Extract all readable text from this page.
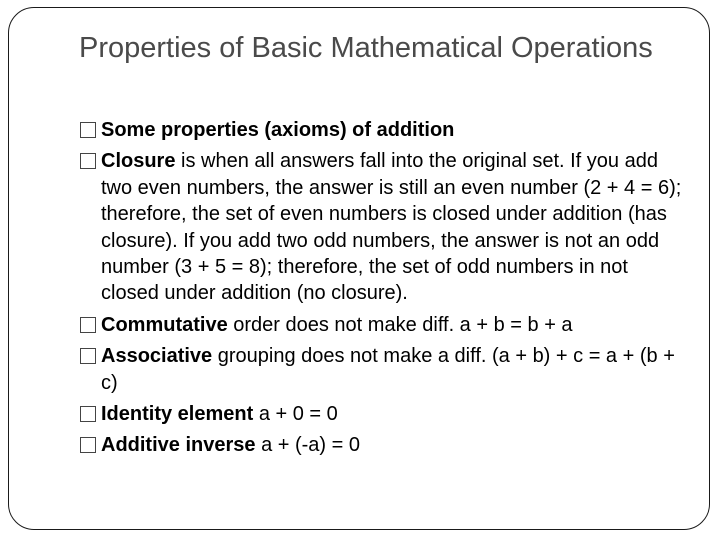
Properties of Basic Mathematical Operations
Some properties (axioms) of addition
Closure is when all answers fall into the original set. If you add two even numbers, the answer is still an even number (2 + 4 = 6); therefore, the set of even numbers is closed under addition (has closure). If you add two odd numbers, the answer is not an odd number (3 + 5 = 8); therefore, the set of odd numbers in not closed under addition (no closure).
Commutative order does not make diff. a + b = b + a
Associative grouping does not make a diff. (a + b) + c = a + (b + c)
Identity element a + 0 = 0
Additive inverse a + (-a) = 0
